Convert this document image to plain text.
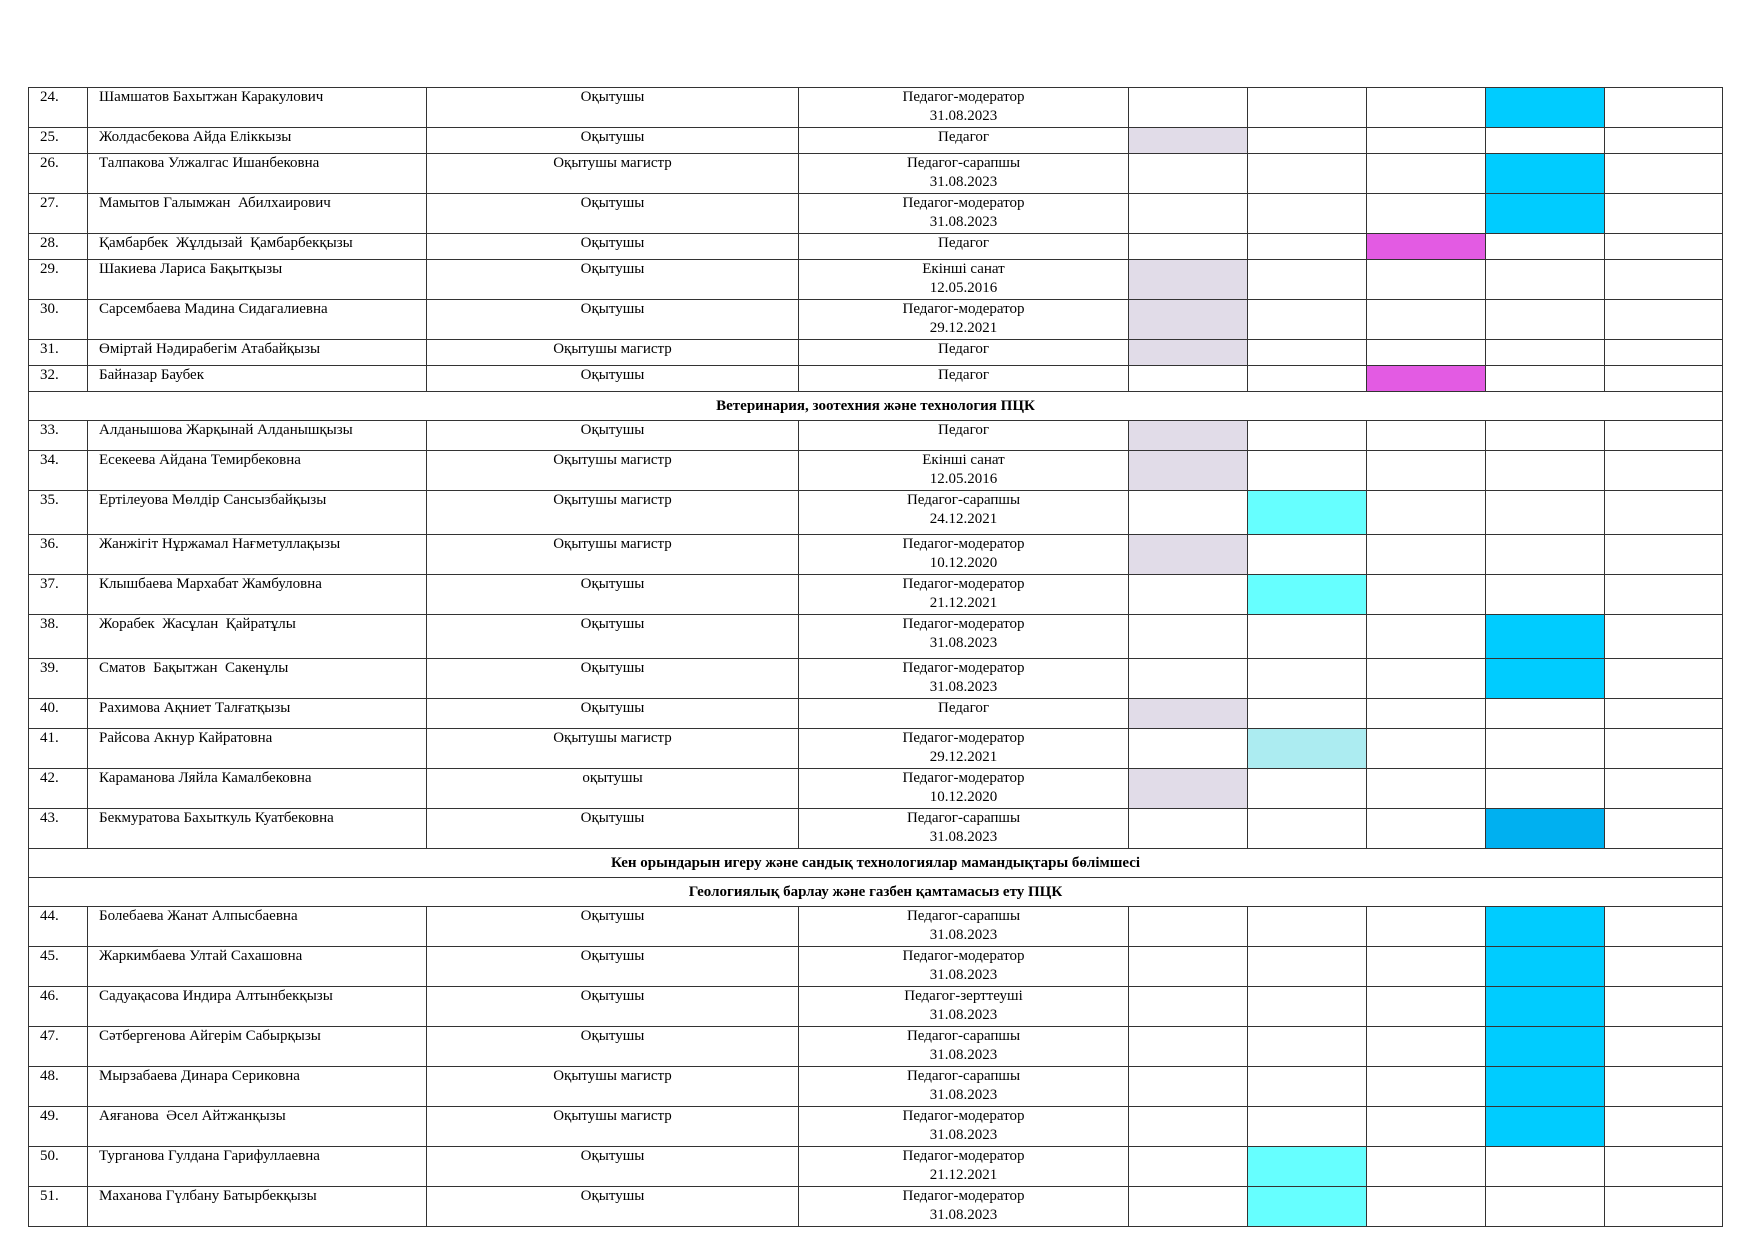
24.	Шамшатов Бахытжан Каракулович	Оқытушы	Педагог-модератор
31.08.2023					

25.	Жолдасбекова Айда Еліккызы	Оқытушы	Педагог					

26.	Талпакова Улжалгас Ишанбековна	Оқытушы магистр	Педагог-сарапшы
31.08.2023					

27.	Мамытов Галымжан  Абилхаирович	Оқытушы	Педагог-модератор
31.08.2023					

28.	Қамбарбек  Жұлдызай  Қамбарбекқызы	Оқытушы	Педагог					

29.	Шакиева Лариса Бақытқызы	Оқытушы	Екінші санат
12.05.2016					

30.	Сарсембаева Мадина Сидагалиевна	Оқытушы	Педагог-модератор
29.12.2021					

31.	Өміртай Нәдирабегім Атабайқызы	Оқытушы магистр	Педагог					

32.	Байназар Баубек	Оқытушы	Педагог					

Ветеринария, зоотехния және технология ПЦК								
33.	Алданышова Жарқынай Алданышқызы	Оқытушы	Педагог					

34.	Есекеева Айдана Темирбековна	Оқытушы магистр	Екінші санат
12.05.2016					

35.	Ертілеуова Мөлдір Сансызбайқызы	Оқытушы магистр	Педагог-сарапшы
24.12.2021					

36.	Жанжігіт Нұржамал Нағметуллақызы	Оқытушы магистр	Педагог-модератор
10.12.2020					

37.	Клышбаева Мархабат Жамбуловна	Оқытушы	Педагог-модератор
21.12.2021					

38.	Жорабек  Жасұлан  Қайратұлы	Оқытушы	Педагог-модератор
31.08.2023					

39.	Сматов  Бақытжан  Сакенұлы	Оқытушы	Педагог-модератор
31.08.2023					

40.	Рахимова Ақниет Талғатқызы	Оқытушы	Педагог					

41.	Райсова Акнур Кайратовна	Оқытушы магистр	Педагог-модератор
29.12.2021					

42.	Караманова Ляйла Камалбековна	оқытушы	Педагог-модератор
10.12.2020					

43.	Бекмуратова Бахыткуль Куатбековна	Оқытушы	Педагог-сарапшы
31.08.2023					

Кен орындарын игеру және сандық технологиялар мамандықтары бөлімшесі								
Геологиялық барлау және газбен қамтамасыз ету ПЦК								
44.	Болебаева Жанат Алпысбаевна	Оқытушы	Педагог-сарапшы
31.08.2023					

45.	Жаркимбаева Ултай Сахашовна	Оқытушы	Педагог-модератор
31.08.2023					

46.	Садуақасова Индира Алтынбекқызы	Оқытушы	Педагог-зерттеуші
31.08.2023					

47.	Сәтбергенова Айгерім Сабырқызы	Оқытушы	Педагог-сарапшы
31.08.2023					

48.	Мырзабаева Динара Сериковна	Оқытушы магистр	Педагог-сарапшы
31.08.2023					

49.	Аяғанова  Әсел Айтжанқызы	Оқытушы магистр	Педагог-модератор
31.08.2023					

50.	Турганова Гулдана Гарифуллаевна	Оқытушы	Педагог-модератор
21.12.2021					

51.	Маханова Гүлбану Батырбекқызы	Оқытушы	Педагог-модератор
31.08.2023					
